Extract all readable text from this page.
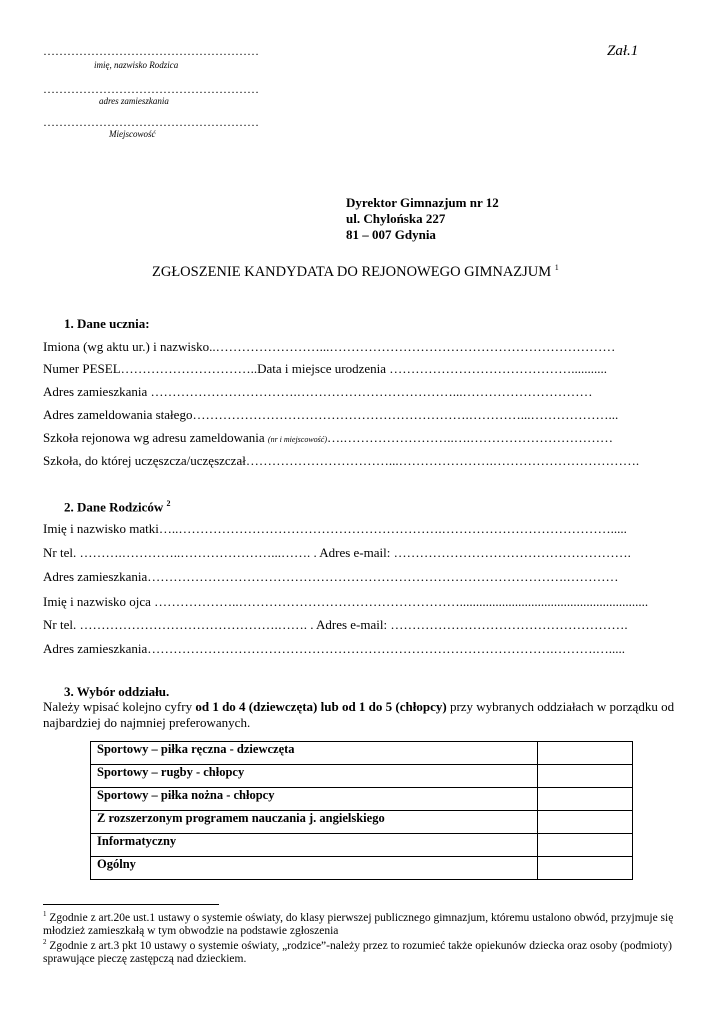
………………………………………………
imię, nazwisko Rodzica
………………………………………………
adres zamieszkania
………………………………………………
Miejscowość
Zał.1
Dyrektor Gimnazjum nr 12
ul. Chylońska 227
81 – 007 Gdynia
ZGŁOSZENIE KANDYDATA DO REJONOWEGO GIMNAZJUM $^1$
1. Dane ucznia:
Imiona (wg aktu ur.) i nazwisko..……………………...…………………………………………………………
Numer PESEL…………………………..Data i miejsce urodzenia ……………………………………...........
Adres zamieszkania …………………………….………………………………...…………………………
Adres zameldowania stałego……………………………………………………….…………...………………...
Szkoła rejonowa wg adresu zameldowania (nr i miejscowość)….……………………..….……………………………
Szkoła, do której uczęszcza/uczęszczał……………………………...………………….…………………………….
2. Dane Rodziców $^2$
Imię i nazwisko matki…..…………………………………………………….………………………………….....
Nr tel. ……….…………..…………………...……. . Adres e-mail: ……………………………………………….
Adres zamieszkania…………………………………………………………………………………….…………
Imię i nazwisko ojca ………………..……………………………………………..........................................................
Nr tel. ……………………………………….……. . Adres e-mail: ……………………………………………….
Adres zamieszkania………………………………………………………………………………….……….….....
3. Wybór oddziału.
Należy wpisać kolejno cyfry od 1 do 4 (dziewczęta) lub od 1 do 5 (chłopcy) przy wybranych oddziałach w porządku od najbardziej do najmniej preferowanych.
Sportowy – piłka ręczna - dziewczęta	
Sportowy – rugby - chłopcy	
Sportowy – piłka nożna - chłopcy	
Z rozszerzonym programem nauczania j. angielskiego	
Informatyczny	
Ogólny	
$^1$ Zgodnie z art.20e ust.1 ustawy o systemie oświaty, do klasy pierwszej publicznego gimnazjum, któremu ustalono obwód, przyjmuje się młodzież zamieszkałą w tym obwodzie na podstawie zgłoszenia
$^2$ Zgodnie z art.3 pkt 10 ustawy o systemie oświaty, „rodzice”-należy przez to rozumieć także opiekunów dziecka oraz osoby (podmioty) sprawujące pieczę zastępczą nad dzieckiem.
